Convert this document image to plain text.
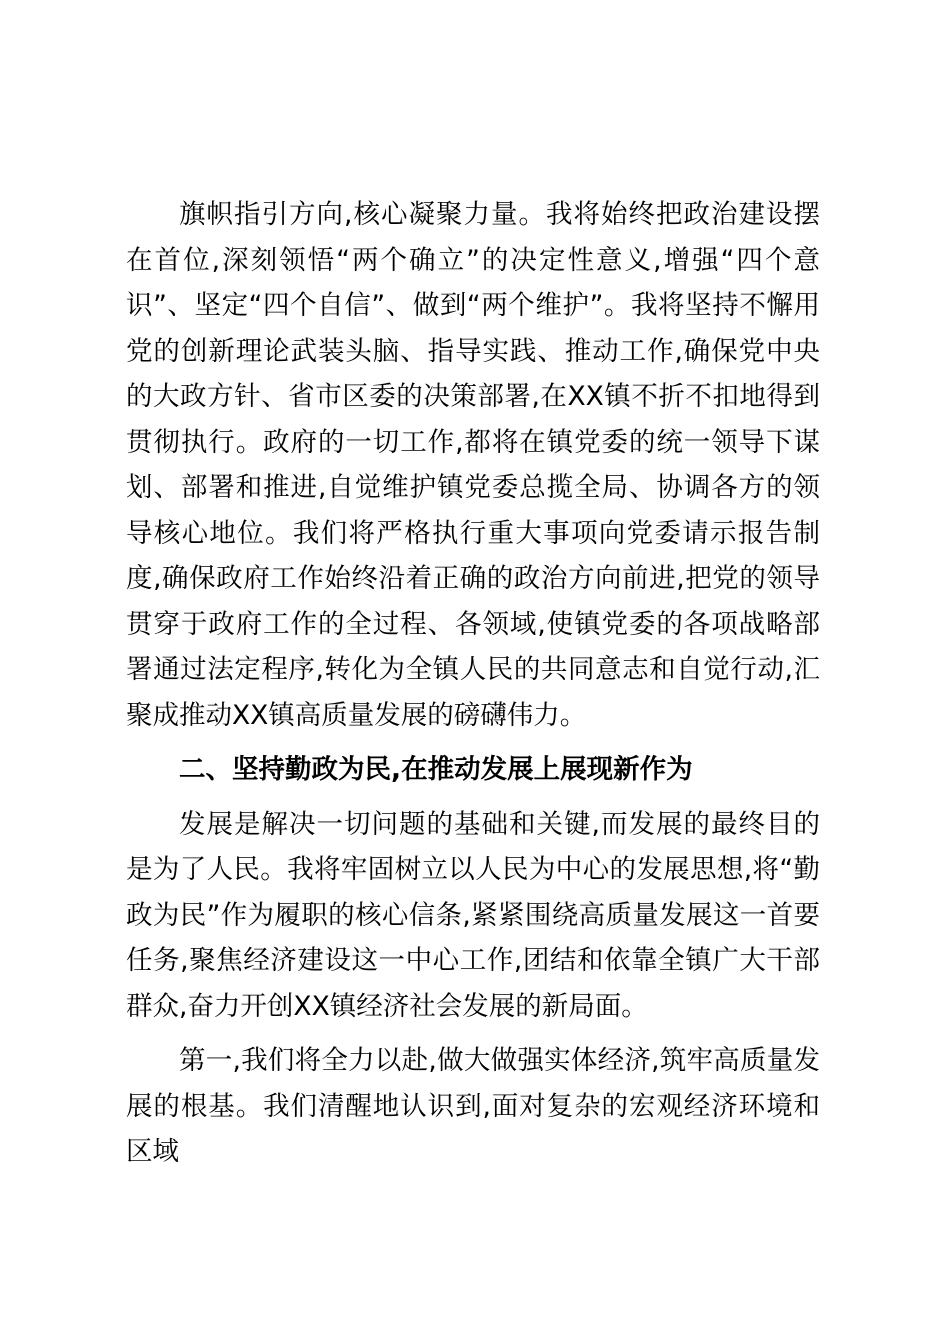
旗帜指引方向,核心凝聚力量。我将始终把政治建设摆在首位,深刻领悟“两个确立”的决定性意义,增强“四个意识”、坚定“四个自信”、做到“两个维护”。我将坚持不懈用党的创新理论武装头脑、指导实践、推动工作,确保党中央的大政方针、省市区委的决策部署,在XX镇不折不扣地得到贯彻执行。政府的一切工作,都将在镇党委的统一领导下谋划、部署和推进,自觉维护镇党委总揽全局、协调各方的领导核心地位。我们将严格执行重大事项向党委请示报告制度,确保政府工作始终沿着正确的政治方向前进,把党的领导贯穿于政府工作的全过程、各领域,使镇党委的各项战略部署通过法定程序,转化为全镇人民的共同意志和自觉行动,汇聚成推动XX镇高质量发展的磅礴伟力。

二、坚持勤政为民,在推动发展上展现新作为

发展是解决一切问题的基础和关键,而发展的最终目的是为了人民。我将牢固树立以人民为中心的发展思想,将“勤政为民”作为履职的核心信条,紧紧围绕高质量发展这一首要任务,聚焦经济建设这一中心工作,团结和依靠全镇广大干部群众,奋力开创XX镇经济社会发展的新局面。

第一,我们将全力以赴,做大做强实体经济,筑牢高质量发展的根基。我们清醒地认识到,面对复杂的宏观经济环境和区域
